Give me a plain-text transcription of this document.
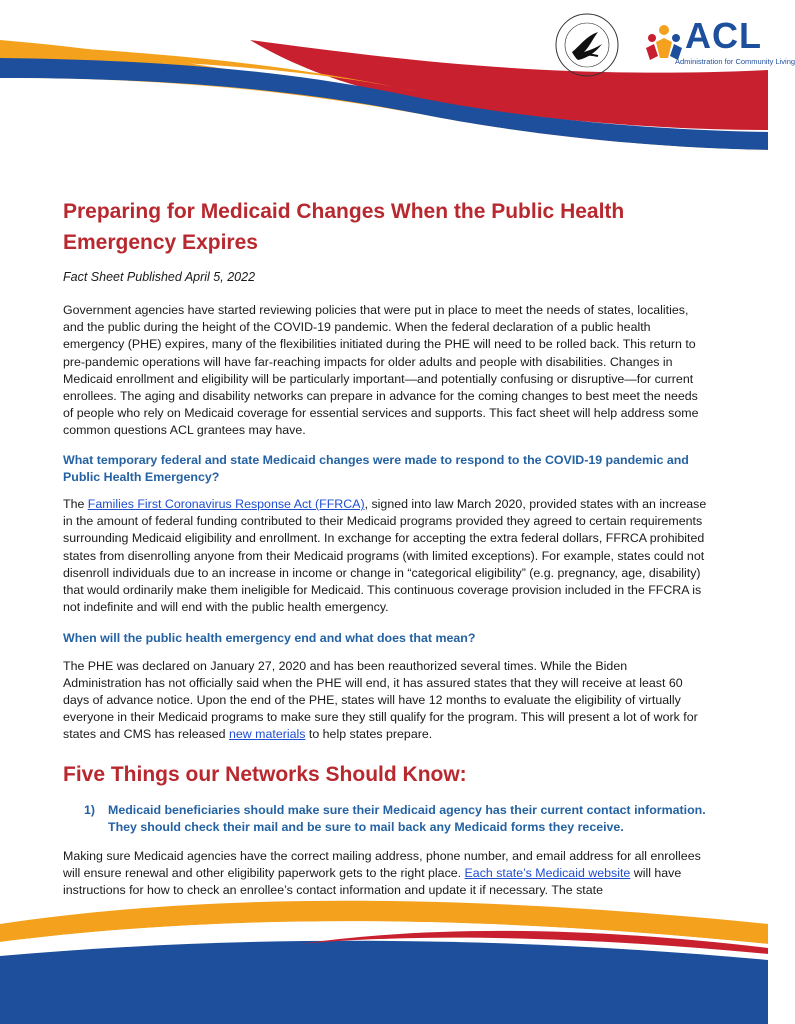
ACL
Administration for Community Living
Preparing for Medicaid Changes When the Public Health Emergency Expires

Fact Sheet Published April 5, 2022

Government agencies have started reviewing policies that were put in place to meet the needs of states, localities, and the public during the height of the COVID-19 pandemic. When the federal declaration of a public health emergency (PHE) expires, many of the flexibilities initiated during the PHE will need to be rolled back. This return to pre-pandemic operations will have far-reaching impacts for older adults and people with disabilities. Changes in Medicaid enrollment and eligibility will be particularly important—and potentially confusing or disruptive—for current enrollees. The aging and disability networks can prepare in advance for the coming changes to best meet the needs of people who rely on Medicaid coverage for essential services and supports. This fact sheet will help address some common questions ACL grantees may have.

What temporary federal and state Medicaid changes were made to respond to the COVID-19 pandemic and Public Health Emergency?

The Families First Coronavirus Response Act (FFRCA), signed into law March 2020, provided states with an increase in the amount of federal funding contributed to their Medicaid programs provided they agreed to certain requirements surrounding Medicaid eligibility and enrollment. In exchange for accepting the extra federal dollars, FFRCA prohibited states from disenrolling anyone from their Medicaid programs (with limited exceptions). For example, states could not disenroll individuals due to an increase in income or change in “categorical eligibility” (e.g. pregnancy, age, disability) that would ordinarily make them ineligible for Medicaid. This continuous coverage provision included in the FFCRA is not indefinite and will end with the public health emergency.

When will the public health emergency end and what does that mean?

The PHE was declared on January 27, 2020 and has been reauthorized several times. While the Biden Administration has not officially said when the PHE will end, it has assured states that they will receive at least 60 days of advance notice. Upon the end of the PHE, states will have 12 months to evaluate the eligibility of virtually everyone in their Medicaid programs to make sure they still qualify for the program. This will present a lot of work for states and CMS has released new materials to help states prepare.

Five Things our Networks Should Know:
1)	Medicaid beneficiaries should make sure their Medicaid agency has their current contact information. They should check their mail and be sure to mail back any Medicaid forms they receive.

Making sure Medicaid agencies have the correct mailing address, phone number, and email address for all enrollees will ensure renewal and other eligibility paperwork gets to the right place. Each state’s Medicaid website will have instructions for how to check an enrollee’s contact information and update it if necessary. The state
